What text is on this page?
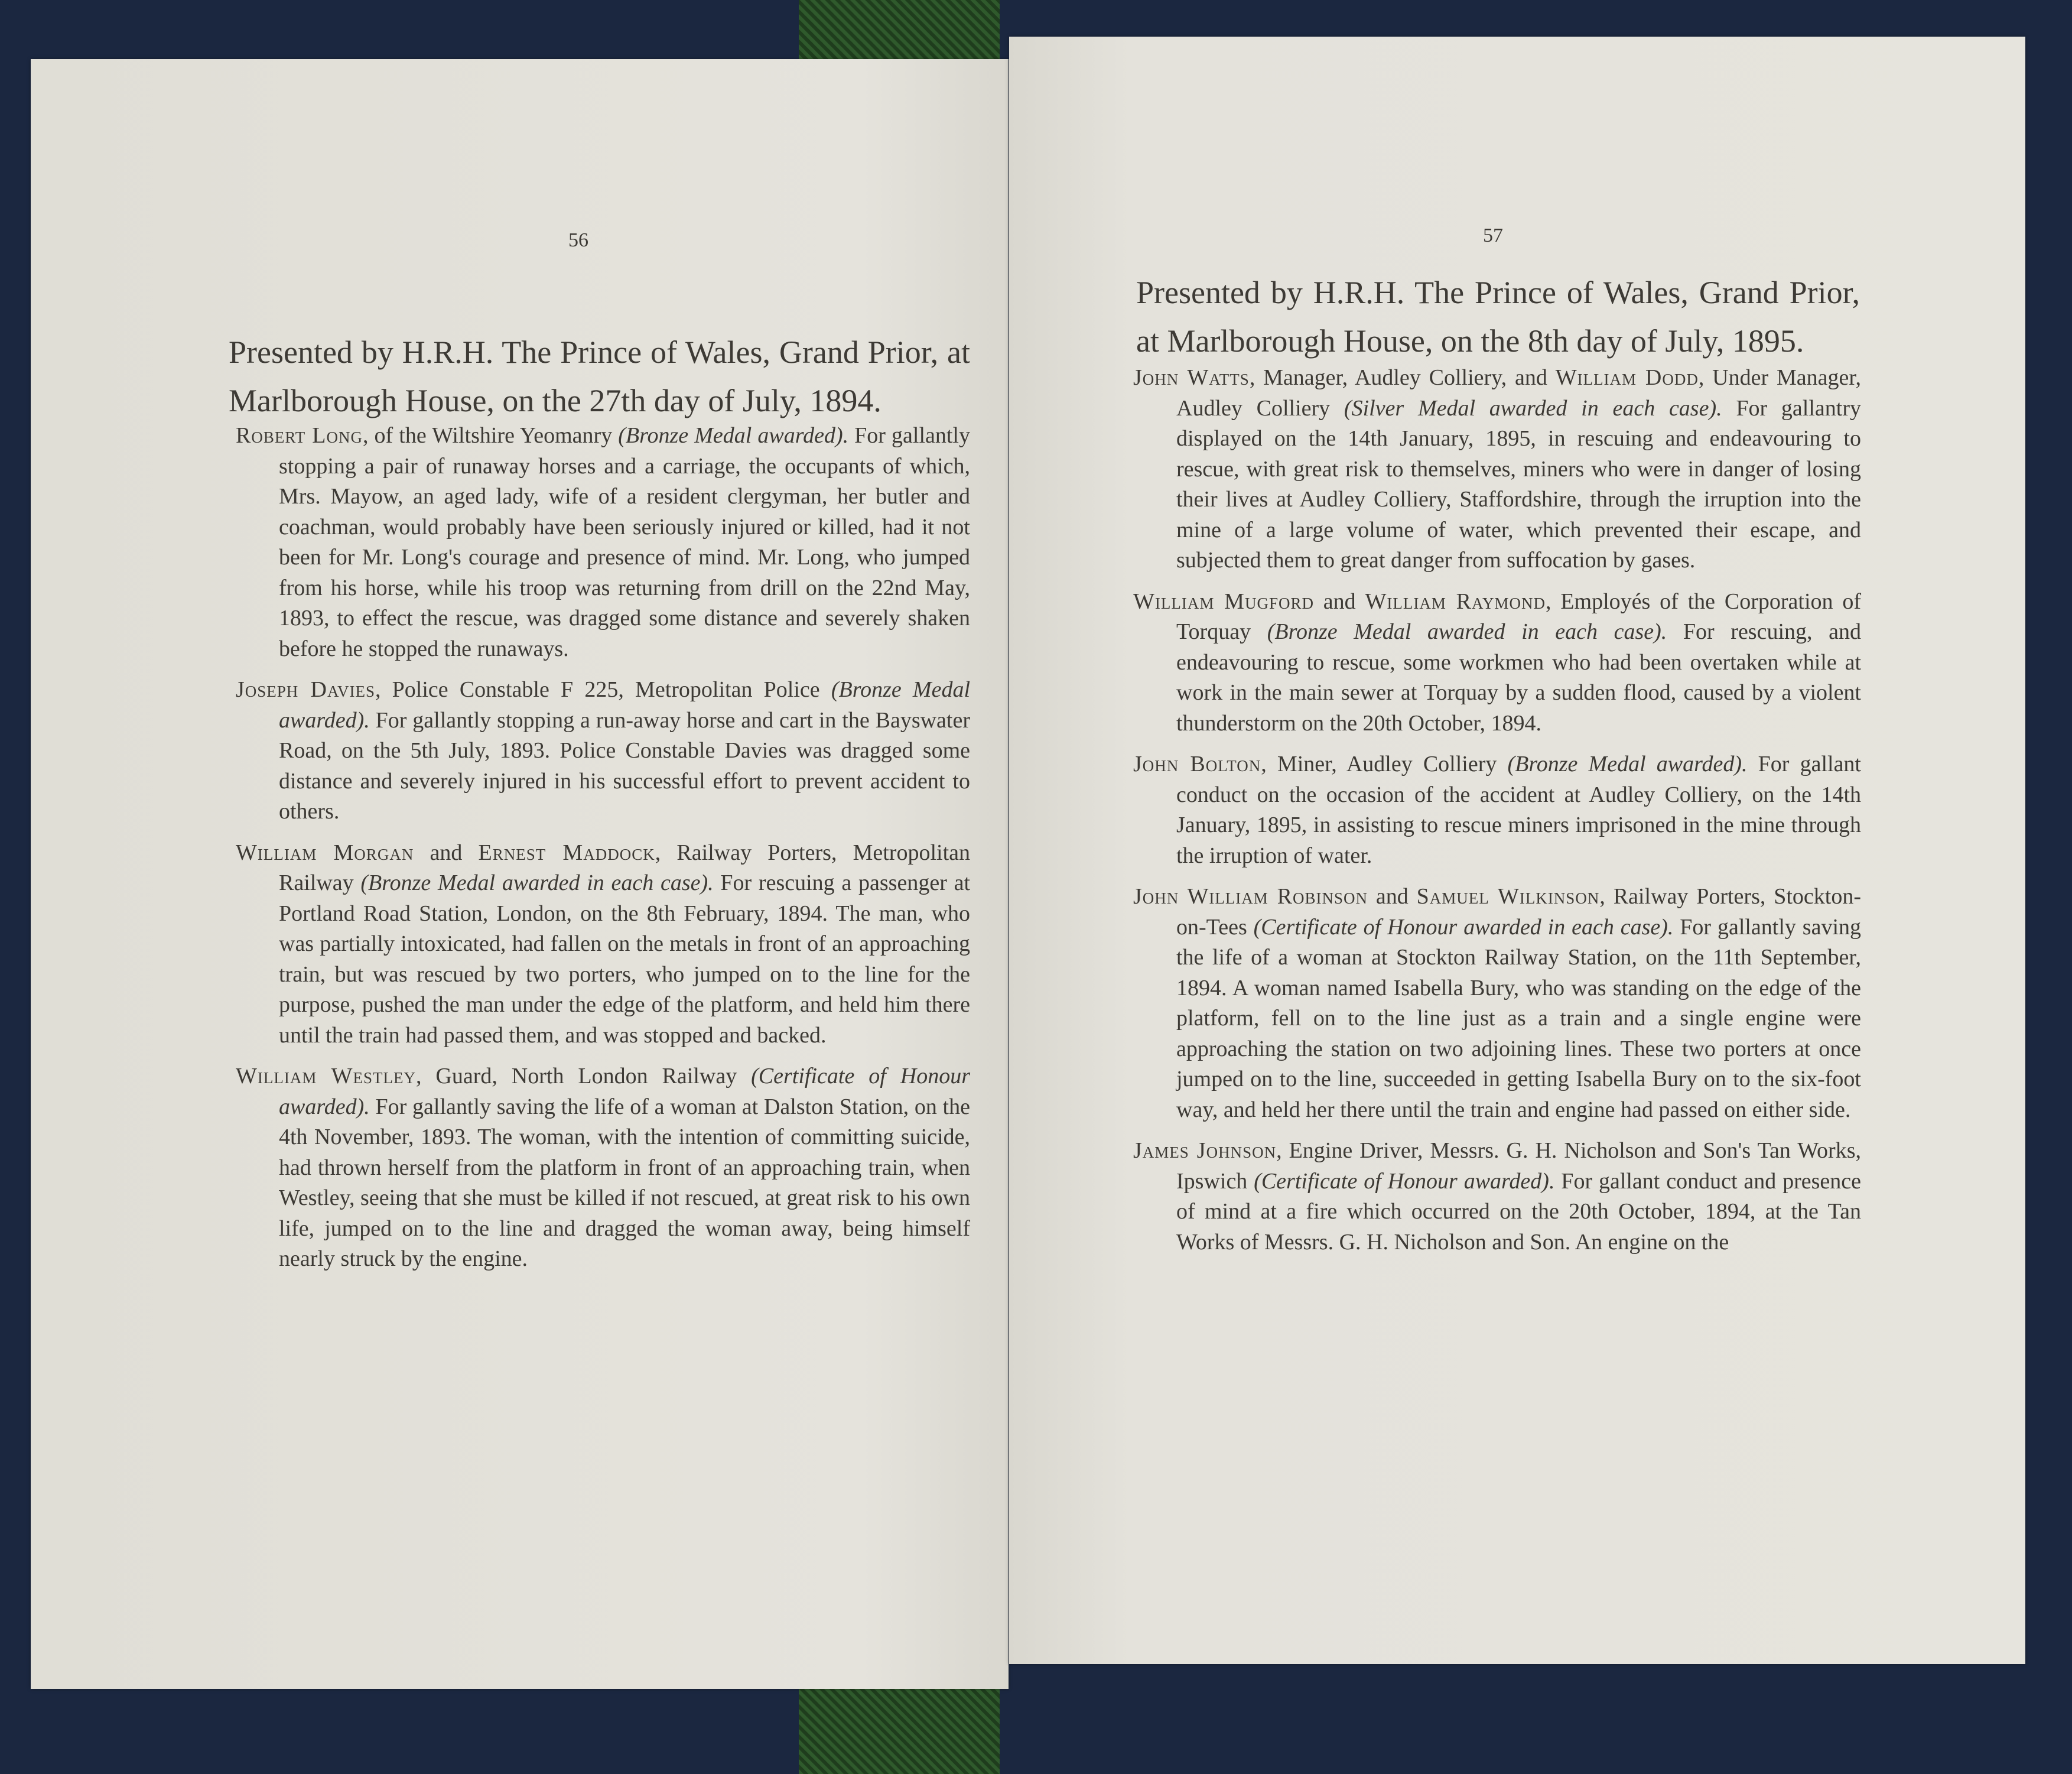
56

Presented by H.R.H. The Prince of Wales, Grand Prior, at Marlborough House, on the 27th day of July, 1894.

Robert Long, of the Wiltshire Yeomanry (Bronze Medal awarded). For gallantly stopping a pair of runaway horses and a carriage, the occupants of which, Mrs. Mayow, an aged lady, wife of a resident clergyman, her butler and coachman, would probably have been seriously injured or killed, had it not been for Mr. Long's courage and presence of mind. Mr. Long, who jumped from his horse, while his troop was returning from drill on the 22nd May, 1893, to effect the rescue, was dragged some distance and severely shaken before he stopped the runaways.

Joseph Davies, Police Constable F 225, Metropolitan Police (Bronze Medal awarded). For gallantly stopping a run-away horse and cart in the Bayswater Road, on the 5th July, 1893. Police Constable Davies was dragged some distance and severely injured in his successful effort to prevent accident to others.

William Morgan and Ernest Maddock, Railway Porters, Metropolitan Railway (Bronze Medal awarded in each case). For rescuing a passenger at Portland Road Station, London, on the 8th February, 1894. The man, who was partially intoxicated, had fallen on the metals in front of an approaching train, but was rescued by two porters, who jumped on to the line for the purpose, pushed the man under the edge of the platform, and held him there until the train had passed them, and was stopped and backed.

William Westley, Guard, North London Railway (Certificate of Honour awarded). For gallantly saving the life of a woman at Dalston Station, on the 4th November, 1893. The woman, with the intention of committing suicide, had thrown herself from the platform in front of an approaching train, when Westley, seeing that she must be killed if not rescued, at great risk to his own life, jumped on to the line and dragged the woman away, being himself nearly struck by the engine.

57

Presented by H.R.H. The Prince of Wales, Grand Prior, at Marlborough House, on the 8th day of July, 1895.

John Watts, Manager, Audley Colliery, and William Dodd, Under Manager, Audley Colliery (Silver Medal awarded in each case). For gallantry displayed on the 14th January, 1895, in rescuing and endeavouring to rescue, with great risk to themselves, miners who were in danger of losing their lives at Audley Colliery, Staffordshire, through the irruption into the mine of a large volume of water, which prevented their escape, and subjected them to great danger from suffocation by gases.

William Mugford and William Raymond, Employés of the Corporation of Torquay (Bronze Medal awarded in each case). For rescuing, and endeavouring to rescue, some workmen who had been overtaken while at work in the main sewer at Torquay by a sudden flood, caused by a violent thunderstorm on the 20th October, 1894.

John Bolton, Miner, Audley Colliery (Bronze Medal awarded). For gallant conduct on the occasion of the accident at Audley Colliery, on the 14th January, 1895, in assisting to rescue miners imprisoned in the mine through the irruption of water.

John William Robinson and Samuel Wilkinson, Railway Porters, Stockton-on-Tees (Certificate of Honour awarded in each case). For gallantly saving the life of a woman at Stockton Railway Station, on the 11th September, 1894. A woman named Isabella Bury, who was standing on the edge of the platform, fell on to the line just as a train and a single engine were approaching the station on two adjoining lines. These two porters at once jumped on to the line, succeeded in getting Isabella Bury on to the six-foot way, and held her there until the train and engine had passed on either side.

James Johnson, Engine Driver, Messrs. G. H. Nicholson and Son's Tan Works, Ipswich (Certificate of Honour awarded). For gallant conduct and presence of mind at a fire which occurred on the 20th October, 1894, at the Tan Works of Messrs. G. H. Nicholson and Son. An engine on the
